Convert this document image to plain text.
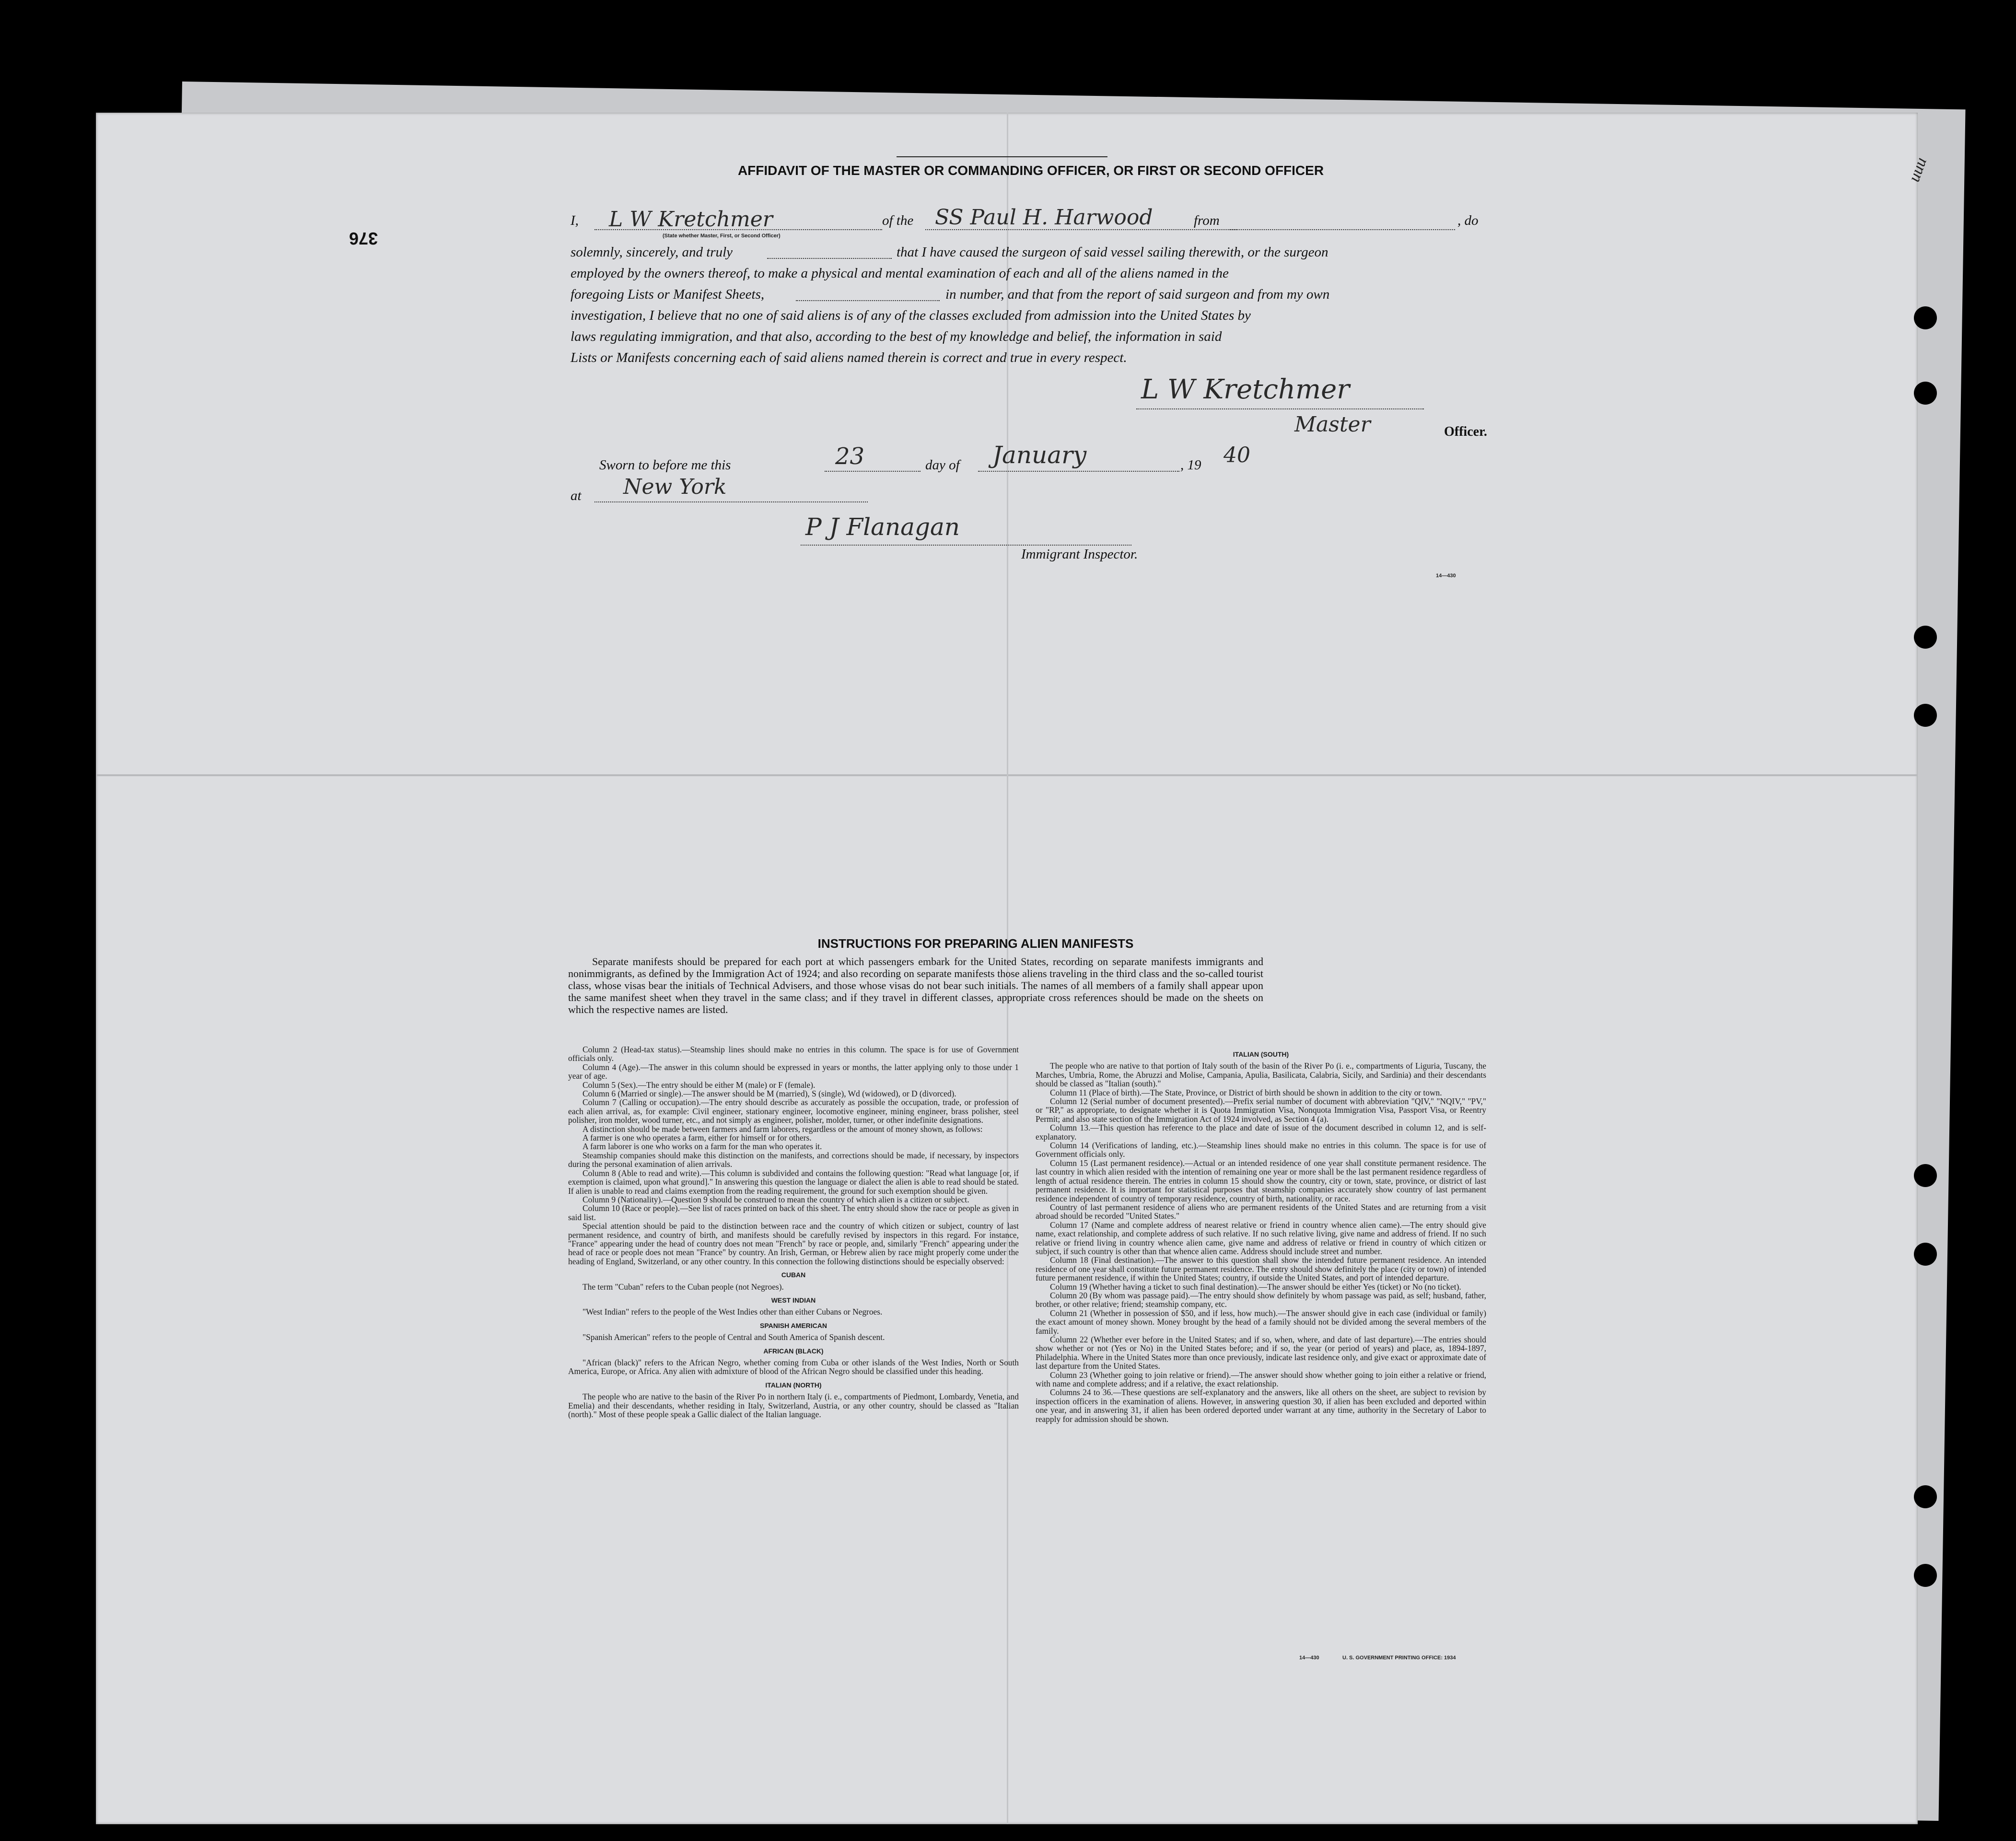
uuu
376
AFFIDAVIT OF THE MASTER OR COMMANDING OFFICER, OR FIRST OR SECOND OFFICER
I, L W Kretchmer	of the SS Paul H. Harwood	from	, do
(State whether Master, First, or Second Officer)
solemnly, sincerely, and truly	that I have caused the surgeon of said vessel sailing therewith, or the surgeon
employed by the owners thereof, to make a physical and mental examination of each and all of the aliens named in the
foregoing Lists or Manifest Sheets,	in number, and that from the report of said surgeon and from my own
investigation, I believe that no one of said aliens is of any of the classes excluded from admission into the United States by
laws regulating immigration, and that also, according to the best of my knowledge and belief, the information in said
Lists or Manifests concerning each of said aliens named therein is correct and true in every respect.
L W Kretchmer
Master	Officer.
Sworn to before me this	23	day of January	, 19 40
at New York
P J Flanagan
Immigrant Inspector.
14—430
INSTRUCTIONS FOR PREPARING ALIEN MANIFESTS
Separate manifests should be prepared for each port at which passengers embark for the United States, recording on separate manifests immigrants and nonimmigrants, as defined by the Immigration Act of 1924; and also recording on separate manifests those aliens traveling in the third class and the so-called tourist class, whose visas bear the initials of Technical Advisers, and those whose visas do not bear such initials. The names of all members of a family shall appear upon the same manifest sheet when they travel in the same class; and if they travel in different classes, appropriate cross references should be made on the sheets on which the respective names are listed.

Column 2 (Head-tax status).—Steamship lines should make no entries in this column. The space is for use of Government officials only.

Column 4 (Age).—The answer in this column should be expressed in years or months, the latter applying only to those under 1 year of age.

Column 5 (Sex).—The entry should be either M (male) or F (female).

Column 6 (Married or single).—The answer should be M (married), S (single), Wd (widowed), or D (divorced).

Column 7 (Calling or occupation).—The entry should describe as accurately as possible the occupation, trade, or profession of each alien arrival, as, for example: Civil engineer, stationary engineer, locomotive engineer, mining engineer, brass polisher, steel polisher, iron molder, wood turner, etc., and not simply as engineer, polisher, molder, turner, or other indefinite designations.

A distinction should be made between farmers and farm laborers, regardless or the amount of money shown, as follows:

A farmer is one who operates a farm, either for himself or for others.

A farm laborer is one who works on a farm for the man who operates it.

Steamship companies should make this distinction on the manifests, and corrections should be made, if necessary, by inspectors during the personal examination of alien arrivals.

Column 8 (Able to read and write).—This column is subdivided and contains the following question: "Read what language [or, if exemption is claimed, upon what ground]." In answering this question the language or dialect the alien is able to read should be stated. If alien is unable to read and claims exemption from the reading requirement, the ground for such exemption should be given.

Column 9 (Nationality).—Question 9 should be construed to mean the country of which alien is a citizen or subject.

Column 10 (Race or people).—See list of races printed on back of this sheet. The entry should show the race or people as given in said list.

Special attention should be paid to the distinction between race and the country of which citizen or subject, country of last permanent residence, and country of birth, and manifests should be carefully revised by inspectors in this regard. For instance, "France" appearing under the head of country does not mean "French" by race or people, and, similarly "French" appearing under the head of race or people does not mean "France" by country. An Irish, German, or Hebrew alien by race might properly come under the heading of England, Switzerland, or any other country. In this connection the following distinctions should be especially observed:

CUBAN

The term "Cuban" refers to the Cuban people (not Negroes).

WEST INDIAN

"West Indian" refers to the people of the West Indies other than either Cubans or Negroes.

SPANISH AMERICAN

"Spanish American" refers to the people of Central and South America of Spanish descent.

AFRICAN (BLACK)

"African (black)" refers to the African Negro, whether coming from Cuba or other islands of the West Indies, North or South America, Europe, or Africa. Any alien with admixture of blood of the African Negro should be classified under this heading.

ITALIAN (NORTH)

The people who are native to the basin of the River Po in northern Italy (i. e., compartments of Piedmont, Lombardy, Venetia, and Emelia) and their descendants, whether residing in Italy, Switzerland, Austria, or any other country, should be classed as "Italian (north)." Most of these people speak a Gallic dialect of the Italian language.

ITALIAN (SOUTH)

The people who are native to that portion of Italy south of the basin of the River Po (i. e., compartments of Liguria, Tuscany, the Marches, Umbria, Rome, the Abruzzi and Molise, Campania, Apulia, Basilicata, Calabria, Sicily, and Sardinia) and their descendants should be classed as "Italian (south)."

Column 11 (Place of birth).—The State, Province, or District of birth should be shown in addition to the city or town.

Column 12 (Serial number of document presented).—Prefix serial number of document with abbreviation "QIV," "NQIV," "PV," or "RP," as appropriate, to designate whether it is Quota Immigration Visa, Nonquota Immigration Visa, Passport Visa, or Reentry Permit; and also state section of the Immigration Act of 1924 involved, as Section 4 (a).

Column 13.—This question has reference to the place and date of issue of the document described in column 12, and is self-explanatory.

Column 14 (Verifications of landing, etc.).—Steamship lines should make no entries in this column. The space is for use of Government officials only.

Column 15 (Last permanent residence).—Actual or an intended residence of one year shall constitute permanent residence. The last country in which alien resided with the intention of remaining one year or more shall be the last permanent residence regardless of length of actual residence therein. The entries in column 15 should show the country, city or town, state, province, or district of last permanent residence. It is important for statistical purposes that steamship companies accurately show country of last permanent residence independent of country of temporary residence, country of birth, nationality, or race.

Country of last permanent residence of aliens who are permanent residents of the United States and are returning from a visit abroad should be recorded "United States."

Column 17 (Name and complete address of nearest relative or friend in country whence alien came).—The entry should give name, exact relationship, and complete address of such relative. If no such relative living, give name and address of friend. If no such relative or friend living in country whence alien came, give name and address of relative or friend in country of which citizen or subject, if such country is other than that whence alien came. Address should include street and number.

Column 18 (Final destination).—The answer to this question shall show the intended future permanent residence. An intended residence of one year shall constitute future permanent residence. The entry should show definitely the place (city or town) of intended future permanent residence, if within the United States; country, if outside the United States, and port of intended departure.

Column 19 (Whether having a ticket to such final destination).—The answer should be either Yes (ticket) or No (no ticket).

Column 20 (By whom was passage paid).—The entry should show definitely by whom passage was paid, as self; husband, father, brother, or other relative; friend; steamship company, etc.

Column 21 (Whether in possession of $50, and if less, how much).—The answer should give in each case (individual or family) the exact amount of money shown. Money brought by the head of a family should not be divided among the several members of the family.

Column 22 (Whether ever before in the United States; and if so, when, where, and date of last departure).—The entries should show whether or not (Yes or No) in the United States before; and if so, the year (or period of years) and place, as, 1894-1897, Philadelphia. Where in the United States more than once previously, indicate last residence only, and give exact or approximate date of last departure from the United States.

Column 23 (Whether going to join relative or friend).—The answer should show whether going to join either a relative or friend, with name and complete address; and if a relative, the exact relationship.

Columns 24 to 36.—These questions are self-explanatory and the answers, like all others on the sheet, are subject to revision by inspection officers in the examination of aliens. However, in answering question 30, if alien has been excluded and deported within one year, and in answering 31, if alien has been ordered deported under warrant at any time, authority in the Secretary of Labor to reapply for admission should be shown.

14—430	U. S. GOVERNMENT PRINTING OFFICE: 1934
